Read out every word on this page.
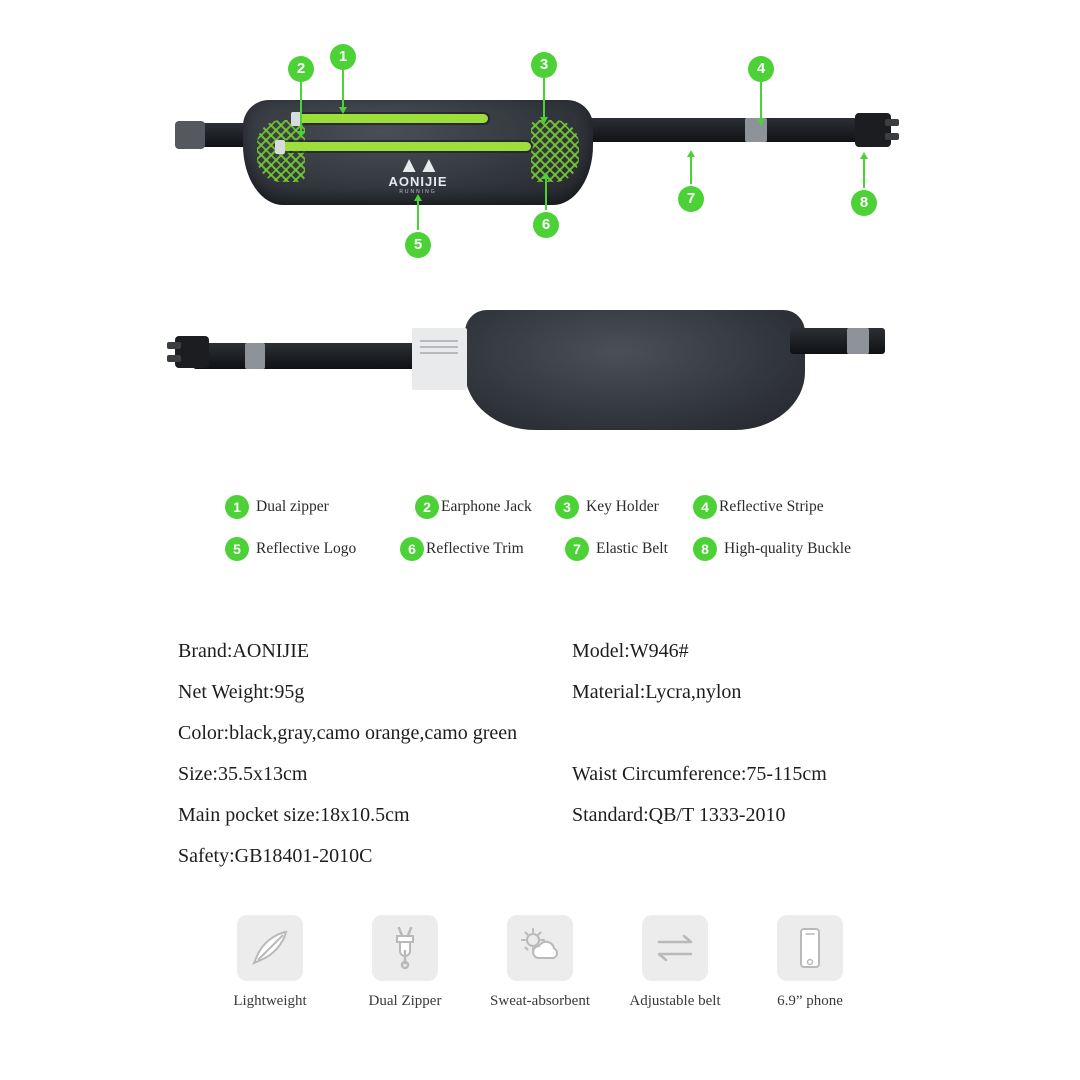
▲▲
AONIJIE
RUNNING
1
2	3	4
5
6
7	8
1 Dual zipper	2 Earphone Jack	3 Key Holder	4 Reflective Stripe
5 Reflective Logo	6 Reflective Trim	7 Elastic Belt	8 High-quality Buckle
Brand:AONIJIE	Model:W946#
Net Weight:95g	Material:Lycra,nylon
Color:black,gray,camo orange,camo green
Size:35.5x13cm	Waist Circumference:75-115cm
Main pocket size:18x10.5cm	Standard:QB/T 1333-2010
Safety:GB18401-2010C
Lightweight	Dual Zipper	Sweat-absorbent	Adjustable belt	6.9” phone
